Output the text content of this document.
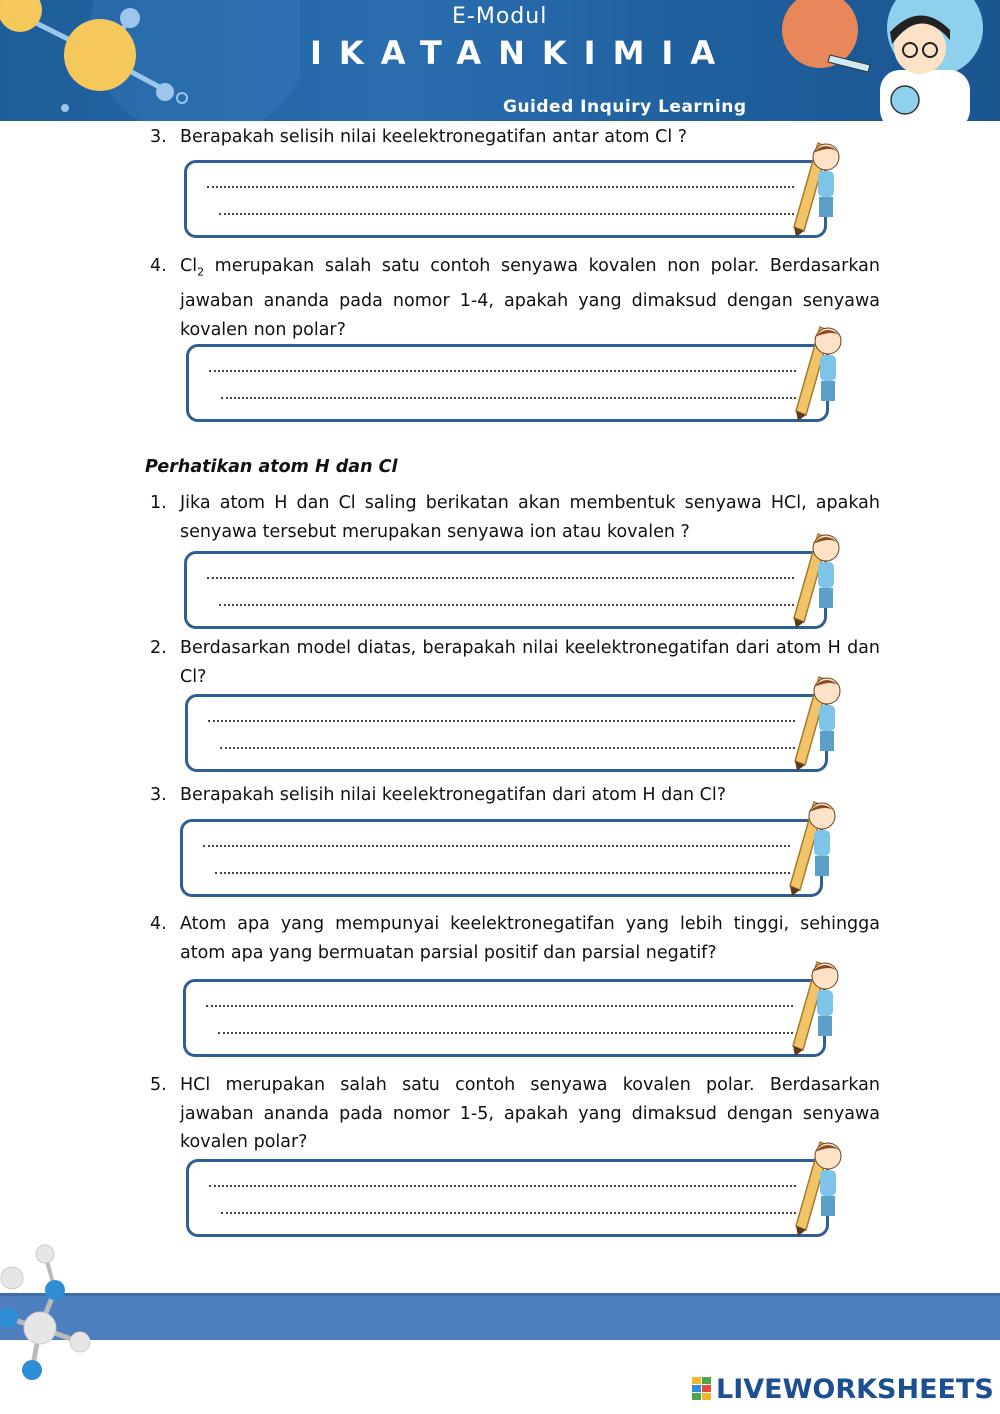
E-Modul
IKATANKIMIA
Guided Inquiry Learning
3. Berapakah selisih nilai keelektronegatifan antar atom Cl ?
4. $Cl_2$ merupakan salah satu contoh senyawa kovalen non polar. Berdasarkan jawaban ananda pada nomor 1-4, apakah yang dimaksud dengan senyawa kovalen non polar?
Perhatikan atom H dan Cl
1. Jika atom H dan Cl saling berikatan akan membentuk senyawa HCl, apakah senyawa tersebut merupakan senyawa ion atau kovalen ?
2. Berdasarkan model diatas, berapakah nilai keelektronegatifan dari atom H dan Cl?
3. Berapakah selisih nilai keelektronegatifan dari atom H dan Cl?
4. Atom apa yang mempunyai keelektronegatifan yang lebih tinggi, sehingga atom apa yang bermuatan parsial positif dan parsial negatif?
5. HCl merupakan salah satu contoh senyawa kovalen polar. Berdasarkan jawaban ananda pada nomor 1-5, apakah yang dimaksud dengan senyawa kovalen polar?
LIVEWORKSHEETS
